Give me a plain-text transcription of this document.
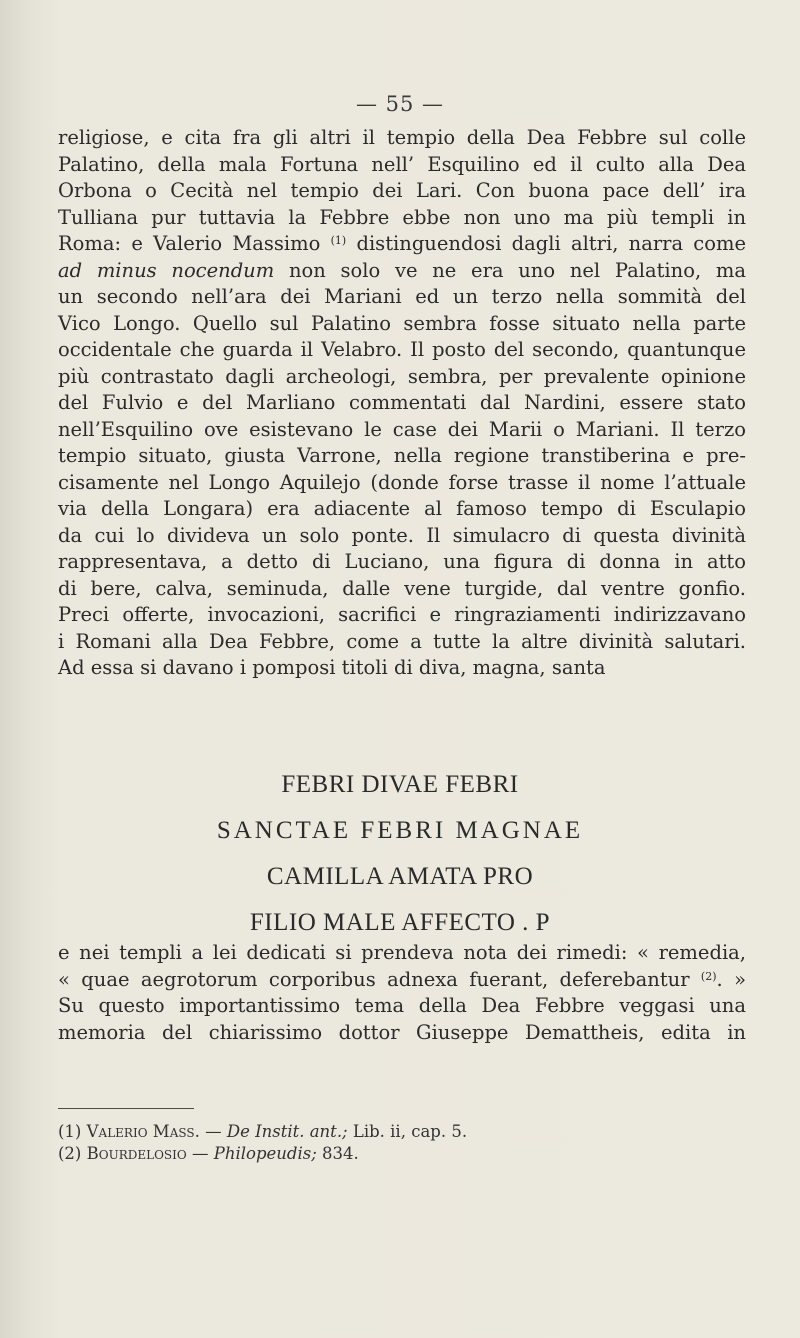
— 55 —
religiose, e cita fra gli altri il tempio della Dea Febbre sul colle
Palatino, della mala Fortuna nell’ Esquilino ed il culto alla Dea
Orbona o Cecità nel tempio dei Lari. Con buona pace dell’ ira
Tulliana pur tuttavia la Febbre ebbe non uno ma più templi in
Roma: e Valerio Massimo $^{(1)}$ distinguendosi dagli altri, narra come
ad minus nocendum non solo ve ne era uno nel Palatino, ma
un secondo nell’ara dei Mariani ed un terzo nella sommità del
Vico Longo. Quello sul Palatino sembra fosse situato nella parte
occidentale che guarda il Velabro. Il posto del secondo, quantunque
più contrastato dagli archeologi, sembra, per prevalente opinione
del Fulvio e del Marliano commentati dal Nardini, essere stato
nell’Esquilino ove esistevano le case dei Marii o Mariani. Il terzo
tempio situato, giusta Varrone, nella regione transtiberina e pre-
cisamente nel Longo Aquilejo (donde forse trasse il nome l’attuale
via della Longara) era adiacente al famoso tempo di Esculapio
da cui lo divideva un solo ponte. Il simulacro di questa divinità
rappresentava, a detto di Luciano, una figura di donna in atto
di bere, calva, seminuda, dalle vene turgide, dal ventre gonfio.
Preci offerte, invocazioni, sacrifici e ringraziamenti indirizzavano
i Romani alla Dea Febbre, come a tutte la altre divinità salutari.
Ad essa si davano i pomposi titoli di diva, magna, santa
FEBRI DIVAE FEBRI
SANCTAE FEBRI MAGNAE
CAMILLA AMATA PRO
FILIO MALE AFFECTO . P
e nei templi a lei dedicati si prendeva nota dei rimedi: « remedia,
« quae aegrotorum corporibus adnexa fuerant, deferebantur $^{(2)}$. »
Su questo importantissimo tema della Dea Febbre veggasi una
memoria del chiarissimo dottor Giuseppe Demattheis, edita in
(1) Valerio Mass. — De Instit. ant.; Lib. ii, cap. 5.
(2) Bourdelosio — Philopeudis; 834.
